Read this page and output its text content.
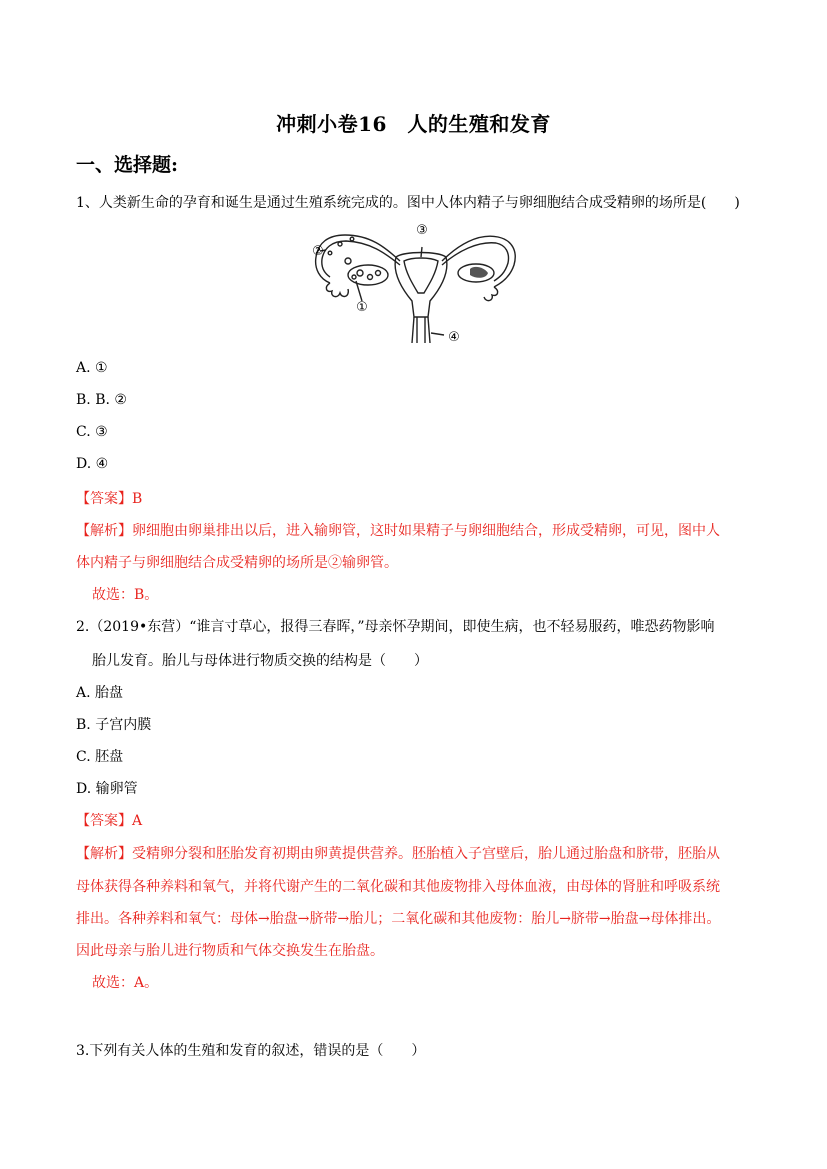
冲刺小卷16　人的生殖和发育
一、选择题:
1、人类新生命的孕育和诞生是通过生殖系统完成的。图中人体内精子与卵细胞结合成受精卵的场所是(　　)
①
②
③
④
A. ①
B. B. ②
C. ③
D. ④
【答案】B
【解析】卵细胞由卵巢排出以后，进入输卵管，这时如果精子与卵细胞结合，形成受精卵，可见，图中人
体内精子与卵细胞结合成受精卵的场所是②输卵管。
故选：B。
2.（2019•东营）“谁言寸草心，报得三春晖，”母亲怀孕期间，即使生病，也不轻易服药，唯恐药物影响
胎儿发育。胎儿与母体进行物质交换的结构是（　　）
A. 胎盘
B. 子宫内膜
C. 胚盘
D. 输卵管
【答案】A
【解析】受精卵分裂和胚胎发育初期由卵黄提供营养。胚胎植入子宫壁后，胎儿通过胎盘和脐带，胚胎从
母体获得各种养料和氧气，并将代谢产生的二氧化碳和其他废物排入母体血液，由母体的肾脏和呼吸系统
排出。各种养料和氧气：母体→胎盘→脐带→胎儿；二氧化碳和其他废物：胎儿→脐带→胎盘→母体排出。
因此母亲与胎儿进行物质和气体交换发生在胎盘。
故选：A。
3.下列有关人体的生殖和发育的叙述，错误的是（　　）
